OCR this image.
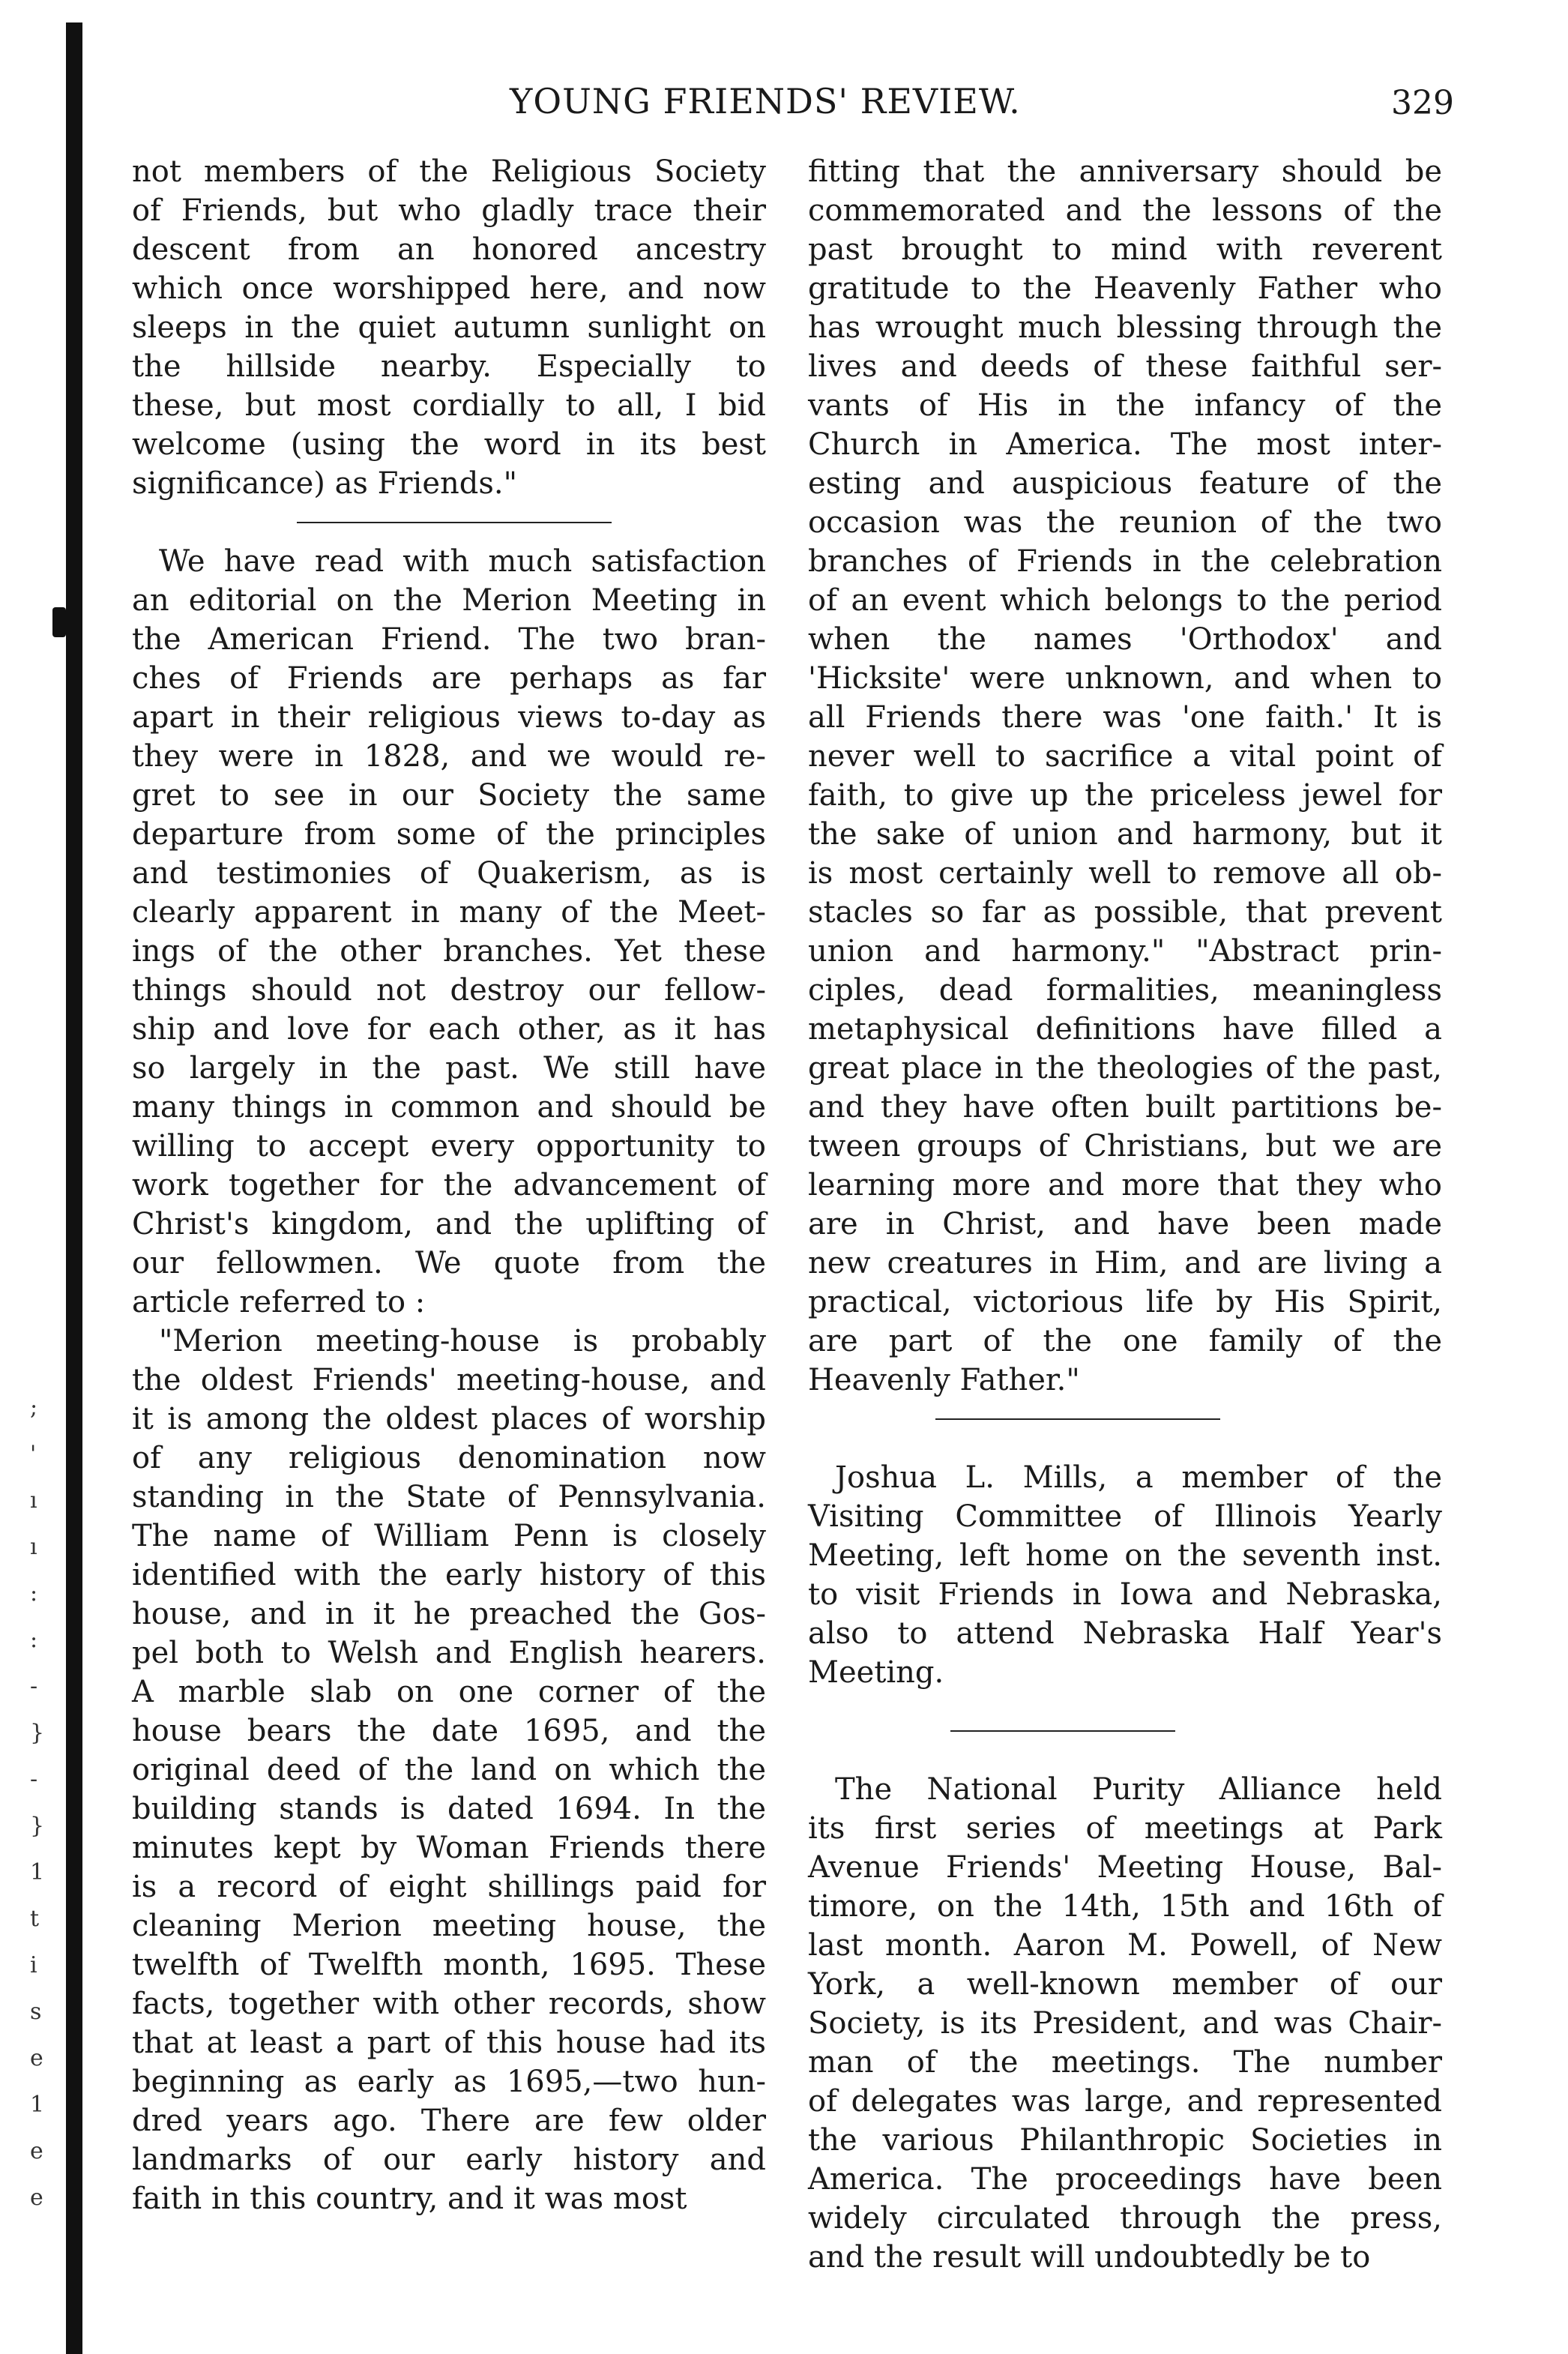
;
'
ı
ı
:
:
-
}
-
}
1
t
i
s
e
1
e
e
YOUNG FRIENDS' REVIEW.	329
not members of the Religious Society
of Friends, but who gladly trace their
descent from an honored ancestry
which once worshipped here, and now
sleeps in the quiet autumn sunlight on
the hillside nearby. Especially to
these, but most cordially to all, I bid
welcome (using the word in its best
significance) as Friends."
We have read with much satisfaction
an editorial on the Merion Meeting in
the American Friend. The two bran-
ches of Friends are perhaps as far
apart in their religious views to-day as
they were in 1828, and we would re-
gret to see in our Society the same
departure from some of the principles
and testimonies of Quakerism, as is
clearly apparent in many of the Meet-
ings of the other branches. Yet these
things should not destroy our fellow-
ship and love for each other, as it has
so largely in the past. We still have
many things in common and should be
willing to accept every opportunity to
work together for the advancement of
Christ's kingdom, and the uplifting of
our fellowmen. We quote from the
article referred to :
"Merion meeting-house is probably
the oldest Friends' meeting-house, and
it is among the oldest places of worship
of any religious denomination now
standing in the State of Pennsylvania.
The name of William Penn is closely
identified with the early history of this
house, and in it he preached the Gos-
pel both to Welsh and English hearers.
A marble slab on one corner of the
house bears the date 1695, and the
original deed of the land on which the
building stands is dated 1694. In the
minutes kept by Woman Friends there
is a record of eight shillings paid for
cleaning Merion meeting house, the
twelfth of Twelfth month, 1695. These
facts, together with other records, show
that at least a part of this house had its
beginning as early as 1695,—two hun-
dred years ago. There are few older
landmarks of our early history and
faith in this country, and it was most
fitting that the anniversary should be
commemorated and the lessons of the
past brought to mind with reverent
gratitude to the Heavenly Father who
has wrought much blessing through the
lives and deeds of these faithful ser-
vants of His in the infancy of the
Church in America. The most inter-
esting and auspicious feature of the
occasion was the reunion of the two
branches of Friends in the celebration
of an event which belongs to the period
when the names 'Orthodox' and
'Hicksite' were unknown, and when to
all Friends there was 'one faith.' It is
never well to sacrifice a vital point of
faith, to give up the priceless jewel for
the sake of union and harmony, but it
is most certainly well to remove all ob-
stacles so far as possible, that prevent
union and harmony." "Abstract prin-
ciples, dead formalities, meaningless
metaphysical definitions have filled a
great place in the theologies of the past,
and they have often built partitions be-
tween groups of Christians, but we are
learning more and more that they who
are in Christ, and have been made
new creatures in Him, and are living a
practical, victorious life by His Spirit,
are part of the one family of the
Heavenly Father."
Joshua L. Mills, a member of the
Visiting Committee of Illinois Yearly
Meeting, left home on the seventh inst.
to visit Friends in Iowa and Nebraska,
also to attend Nebraska Half Year's
Meeting.
The National Purity Alliance held
its first series of meetings at Park
Avenue Friends' Meeting House, Bal-
timore, on the 14th, 15th and 16th of
last month. Aaron M. Powell, of New
York, a well-known member of our
Society, is its President, and was Chair-
man of the meetings. The number
of delegates was large, and represented
the various Philanthropic Societies in
America. The proceedings have been
widely circulated through the press,
and the result will undoubtedly be to
